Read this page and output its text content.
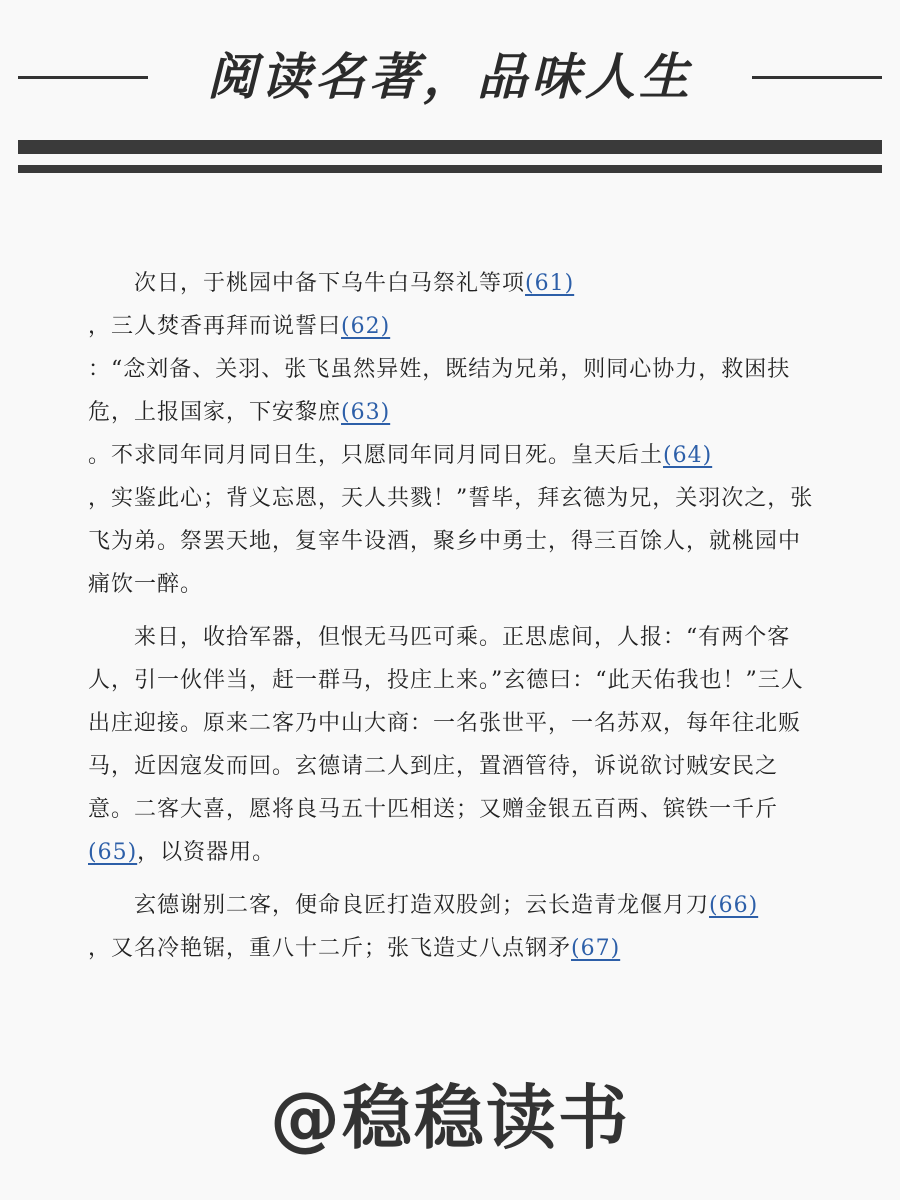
阅读名著，品味人生
次日，于桃园中备下乌牛白马祭礼等项(61)
，三人焚香再拜而说誓曰(62)
：“念刘备、关羽、张飞虽然异姓，既结为兄弟，则同心协力，救困扶危，上报国家，下安黎庶(63)
。不求同年同月同日生，只愿同年同月同日死。皇天后土(64)
，实鉴此心；背义忘恩，天人共戮！”誓毕，拜玄德为兄，关羽次之，张飞为弟。祭罢天地，复宰牛设酒，聚乡中勇士，得三百馀人，就桃园中痛饮一醉。
来日，收拾军器，但恨无马匹可乘。正思虑间，人报：“有两个客人，引一伙伴当，赶一群马，投庄上来。”玄德曰：“此天佑我也！”三人出庄迎接。原来二客乃中山大商：一名张世平，一名苏双，每年往北贩马，近因寇发而回。玄德请二人到庄，置酒管待，诉说欲讨贼安民之意。二客大喜，愿将良马五十匹相送；又赠金银五百两、镔铁一千斤
(65)，以资器用。
玄德谢别二客，便命良匠打造双股剑；云长造青龙偃月刀(66)
，又名冷艳锯，重八十二斤；张飞造丈八点钢矛(67)
@稳稳读书
